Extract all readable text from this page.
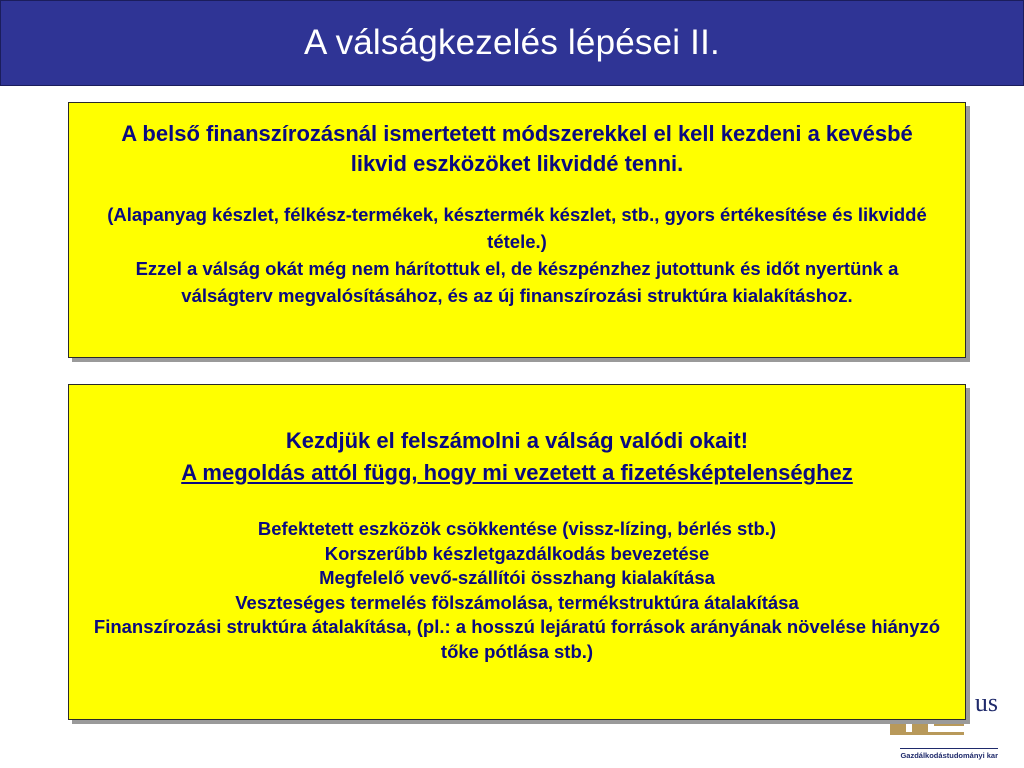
A válságkezelés lépései II.
us
Gazdálkodástudományi kar

A belső finanszírozásnál ismertetett módszerekkel el kell kezdeni a kevésbé likvid eszközöket likviddé tenni.

(Alapanyag készlet, félkész-termékek, késztermék készlet, stb., gyors értékesítése és likviddé tétele.)

Ezzel a válság okát még nem hárítottuk el, de készpénzhez jutottunk és időt nyertünk a válságterv megvalósításához, és az új finanszírozási struktúra kialakításhoz.

Kezdjük el felszámolni a válság valódi okait!

A megoldás attól függ, hogy mi vezetett a fizetésképtelenséghez

Befektetett eszközök csökkentése (vissz-lízing, bérlés stb.)

Korszerűbb készletgazdálkodás bevezetése

Megfelelő vevő-szállítói összhang kialakítása

Veszteséges termelés fölszámolása, termékstruktúra átalakítása

Finanszírozási struktúra átalakítása, (pl.: a hosszú lejáratú források arányának növelése hiányzó tőke pótlása stb.)
